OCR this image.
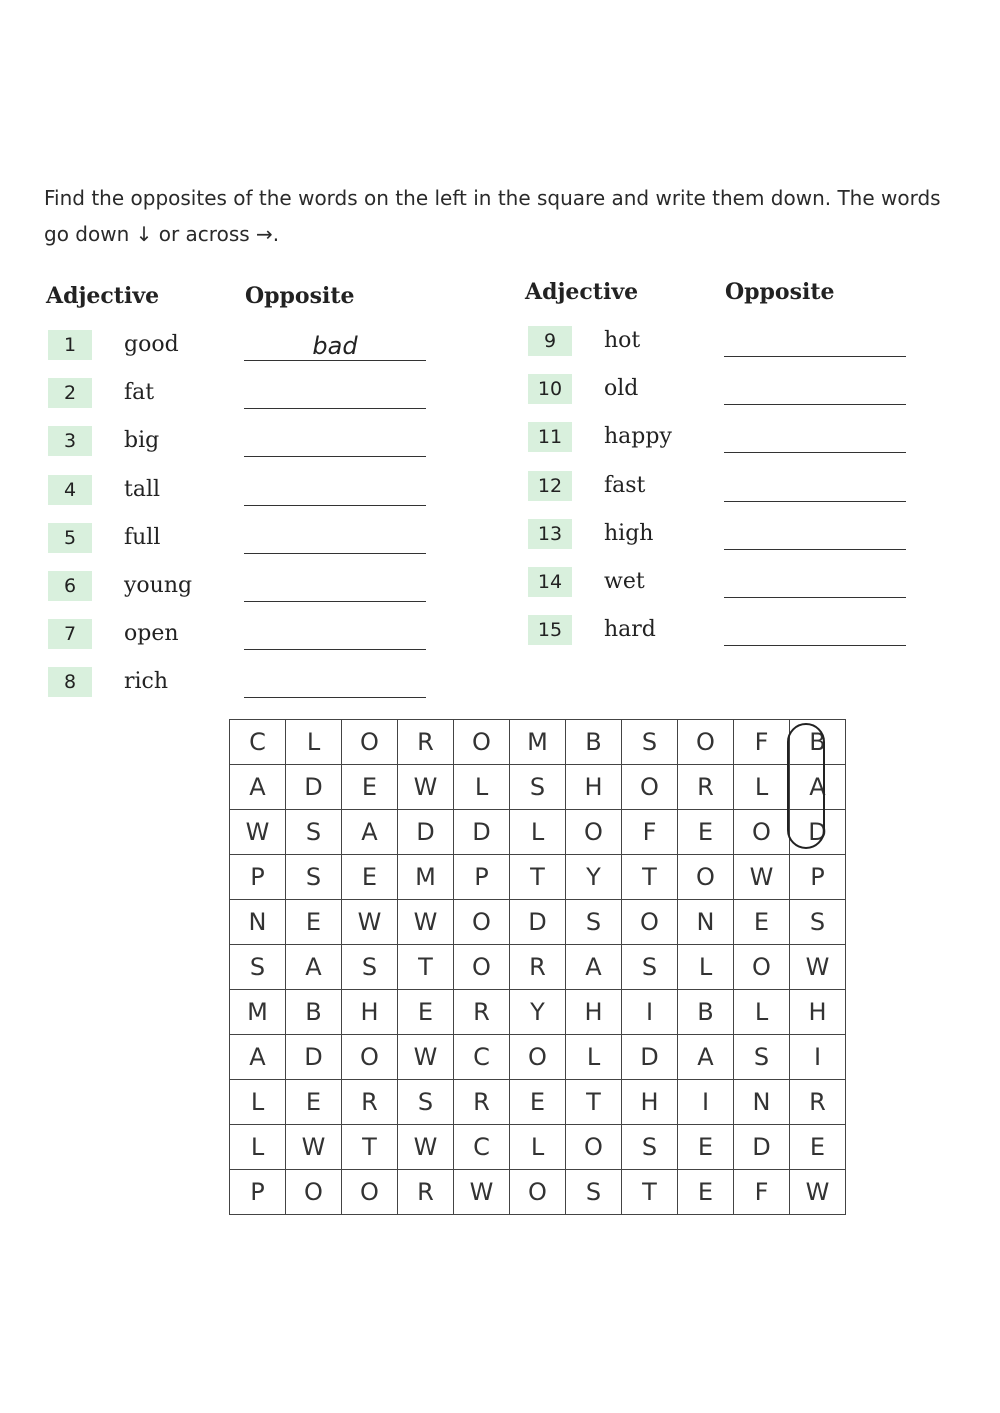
Find the opposites of the words on the left in the square and write them down. The words go down ↓ or across →.

Adjective	Opposite	Adjective	Opposite
1	good	bad
2	fat
3	big
4	tall
5	full
6	young
7	open
8	rich
9	hot
10	old
11	happy
12	fast
13	high
14	wet
15	hard
C	L	O	R	O	M	B	S	O	F	B
A	D	E	W	L	S	H	O	R	L	A
W	S	A	D	D	L	O	F	E	O	D
P	S	E	M	P	T	Y	T	O	W	P
N	E	W	W	O	D	S	O	N	E	S
S	A	S	T	O	R	A	S	L	O	W
M	B	H	E	R	Y	H	I	B	L	H
A	D	O	W	C	O	L	D	A	S	I
L	E	R	S	R	E	T	H	I	N	R
L	W	T	W	C	L	O	S	E	D	E
P	O	O	R	W	O	S	T	E	F	W
